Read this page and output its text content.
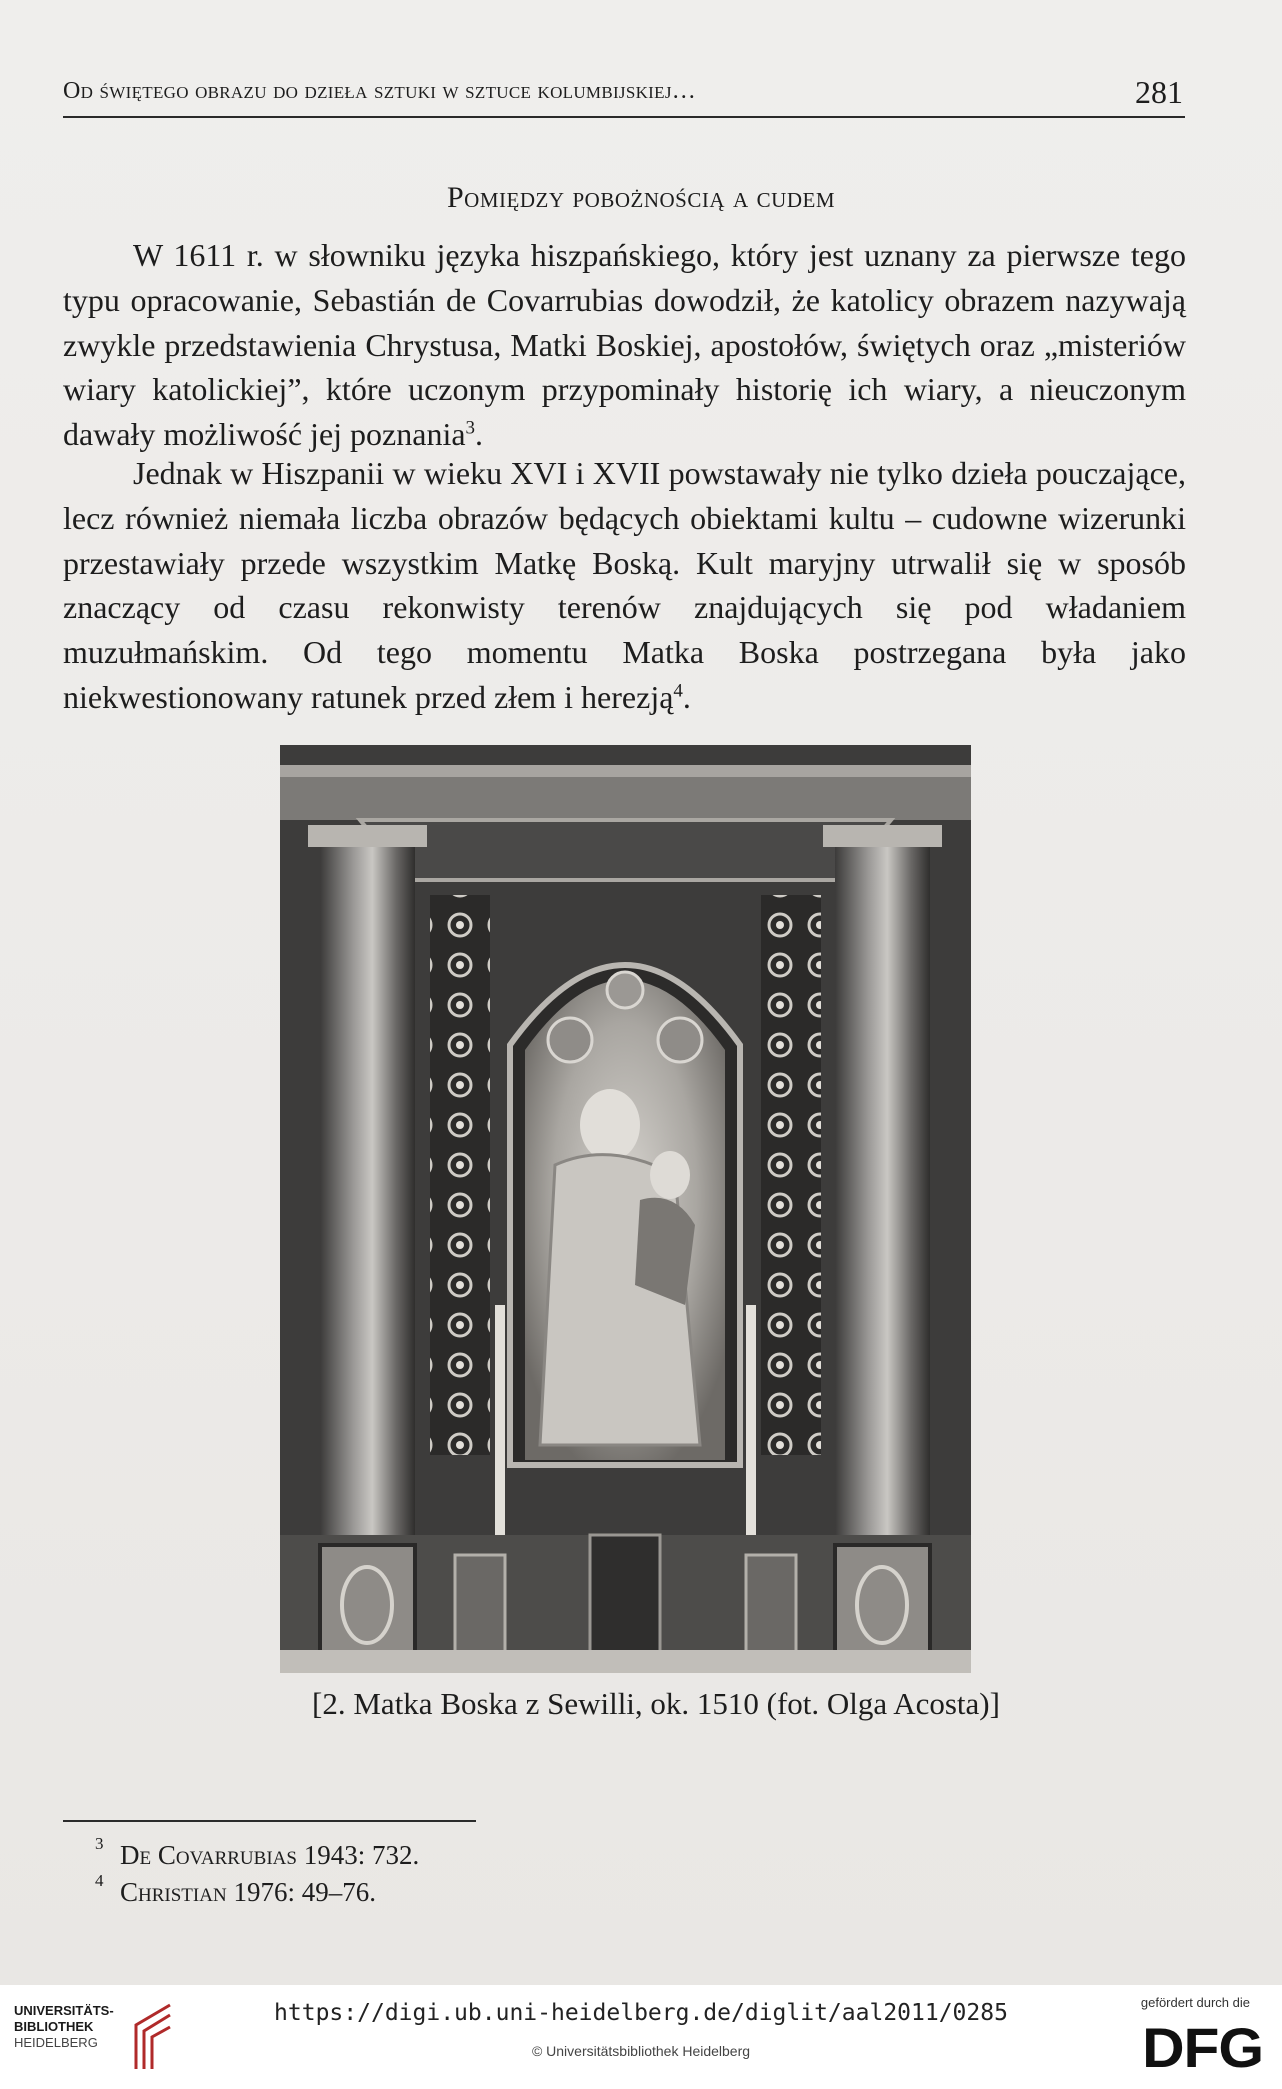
Od świętego obrazu do dzieła sztuki w sztuce kolumbijskiej…	281
Pomiędzy pobożnością a cudem

W 1611 r. w słowniku języka hiszpańskiego, który jest uznany za pierwsze tego typu opracowanie, Sebastián de Covarrubias dowodził, że katolicy obrazem nazywają zwykle przedstawienia Chrystusa, Matki Boskiej, apostołów, świętych oraz „misteriów wiary katolickiej”, które uczonym przypominały historię ich wiary, a nieuczonym dawały możliwość jej poznania$^3$.

Jednak w Hiszpanii w wieku XVI i XVII powstawały nie tylko dzieła pouczające, lecz również niemała liczba obrazów będących obiektami kultu – cudowne wizerunki przestawiały przede wszystkim Matkę Boską. Kult maryjny utrwalił się w sposób znaczący od czasu rekonwisty terenów znajdujących się pod władaniem muzułmańskim. Od tego momentu Matka Boska postrzegana była jako niekwestionowany ratunek przed złem i herezją$^4$.

[2. Matka Boska z Sewilli, ok. 1510 (fot. Olga Acosta)]
3 De Covarrubias 1943: 732.
4 Christian 1976: 49–76.
UNIVERSITÄTS-
BIBLIOTHEK
HEIDELBERG
https://digi.ub.uni-heidelberg.de/diglit/aal2011/0285
© Universitätsbibliothek Heidelberg
gefördert durch die
DFG
